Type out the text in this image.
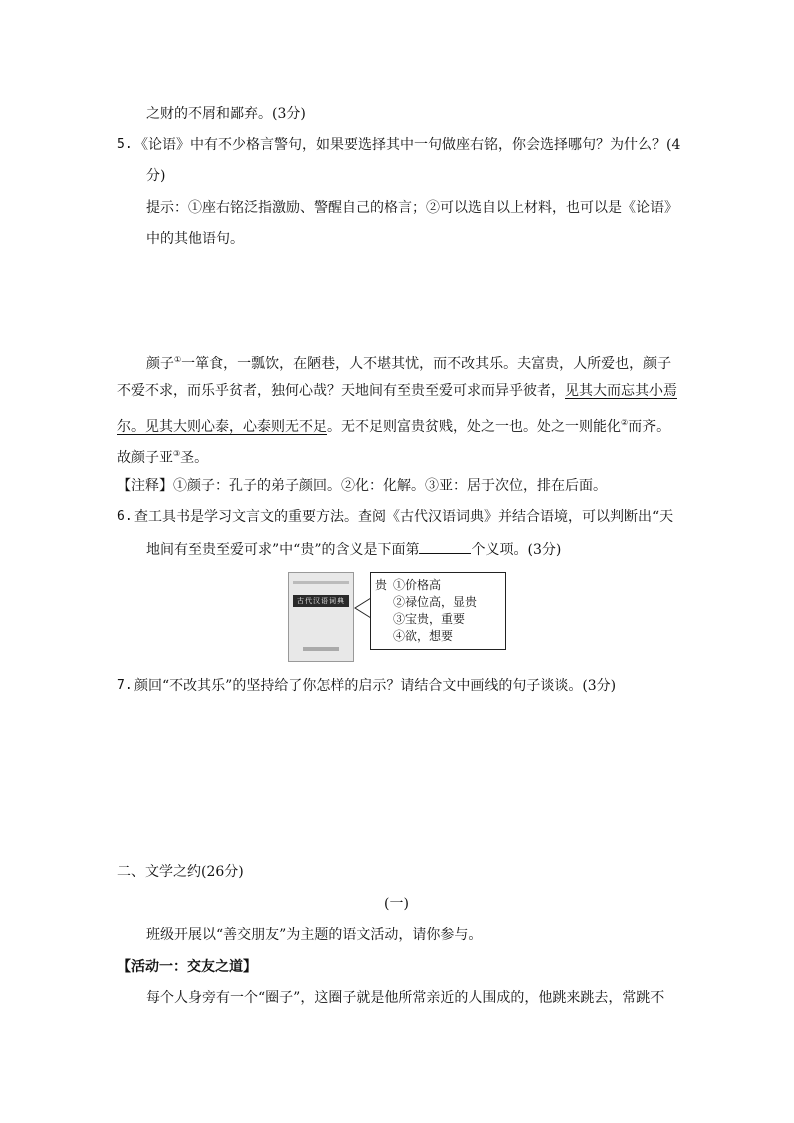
之财的不屑和鄙弃。(3分)
5. 《论语》中有不少格言警句，如果要选择其中一句做座右铭，你会选择哪句？为什么？(4
分)
提示：①座右铭泛指激励、警醒自己的格言；②可以选自以上材料，也可以是《论语》
中的其他语句。
颜子①一箪食，一瓢饮，在陋巷，人不堪其忧，而不改其乐。夫富贵，人所爱也，颜子
不爱不求，而乐乎贫者，独何心哉？天地间有至贵至爱可求而异乎彼者，见其大而忘其小焉
尔。见其大则心泰，心泰则无不足。无不足则富贵贫贱，处之一也。处之一则能化②而齐。
故颜子亚③圣。
【注释】①颜子：孔子的弟子颜回。②化：化解。③亚：居于次位，排在后面。
6. 查工具书是学习文言文的重要方法。查阅《古代汉语词典》并结合语境，可以判断出“天
地间有至贵至爱可求”中“贵”的含义是下面第	个义项。(3分)
古代汉语词典
贵 ①价格高
②禄位高，显贵
③宝贵，重要
④欲，想要
7. 颜回“不改其乐”的坚持给了你怎样的启示？请结合文中画线的句子谈谈。(3分)
二、文学之约(26分)
(一)
班级开展以“善交朋友”为主题的语文活动，请你参与。
【活动一：交友之道】
每个人身旁有一个“圈子”，这圈子就是他所常亲近的人围成的，他跳来跳去，常跳不
